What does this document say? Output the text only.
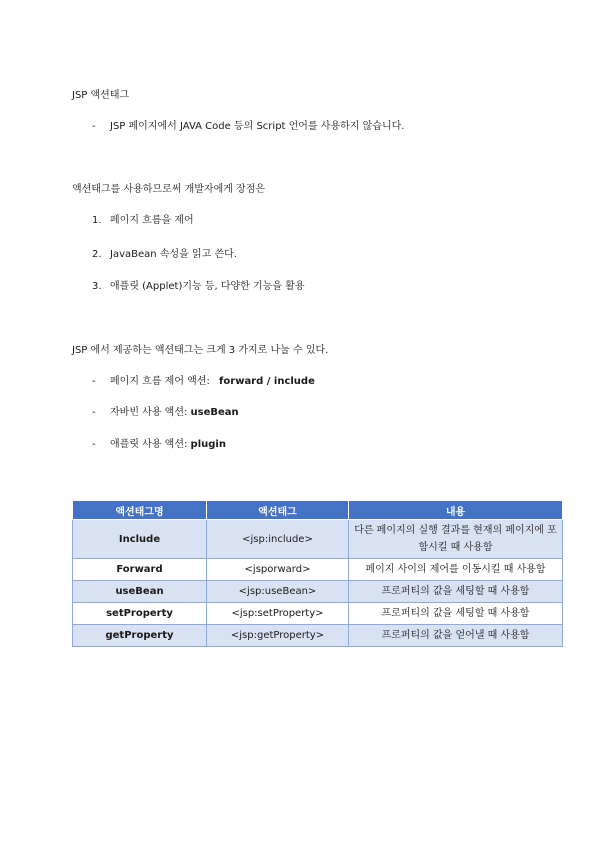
JSP 액션태그
- JSP 페이지에서 JAVA Code 등의 Script 언어를 사용하지 않습니다.
액션태그를 사용하므로써 개발자에게 장점은
1. 페이지 흐름을 제어
2. JavaBean 속성을 읽고 쓴다.
3. 애플릿 (Applet)기능 등, 다양한 기능을 활용
JSP 에서 제공하는 액션태그는 크게 3 가지로 나눌 수 있다.
- 페이지 흐름 제어 액션: forward / include
- 자바빈 사용 액션: useBean
- 애플릿 사용 액션: plugin
액션태그명	액션태그	내용
Include	<jsp:include>	다른 페이지의 실행 결과를 현재의 페이지에 포함시킬 때 사용함
Forward	<jsporward>	페이지 사이의 제어를 이동시킬 때 사용함
useBean	<jsp:useBean>	프로퍼티의 값을 세팅할 때 사용함
setProperty	<jsp:setProperty>	프로퍼티의 값을 세팅할 때 사용함
getProperty	<jsp:getProperty>	프로퍼티의 값을 얻어낼 때 사용함
